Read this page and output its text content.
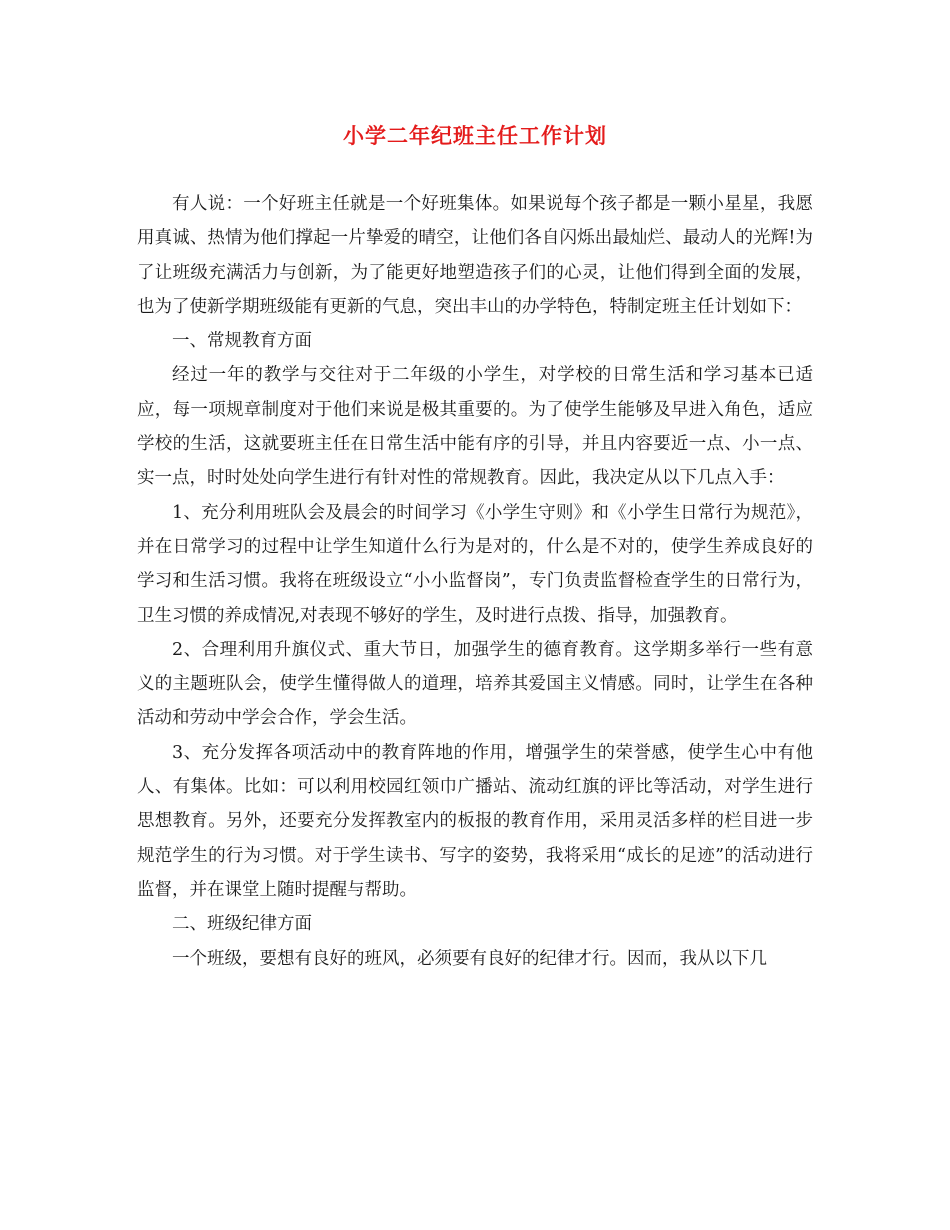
小学二年纪班主任工作计划

有人说：一个好班主任就是一个好班集体。如果说每个孩子都是一颗小星星，我愿用真诚、热情为他们撑起一片挚爱的晴空，让他们各自闪烁出最灿烂、最动人的光辉!为了让班级充满活力与创新，为了能更好地塑造孩子们的心灵，让他们得到全面的发展，也为了使新学期班级能有更新的气息，突出丰山的办学特色，特制定班主任计划如下：

一、常规教育方面

经过一年的教学与交往对于二年级的小学生，对学校的日常生活和学习基本已适应，每一项规章制度对于他们来说是极其重要的。为了使学生能够及早进入角色，适应学校的生活，这就要班主任在日常生活中能有序的引导，并且内容要近一点、小一点、实一点，时时处处向学生进行有针对性的常规教育。因此，我决定从以下几点入手：

1、充分利用班队会及晨会的时间学习《小学生守则》和《小学生日常行为规范》，并在日常学习的过程中让学生知道什么行为是对的，什么是不对的，使学生养成良好的学习和生活习惯。我将在班级设立“小小监督岗”，专门负责监督检查学生的日常行为，卫生习惯的养成情况,对表现不够好的学生，及时进行点拨、指导，加强教育。

2、合理利用升旗仪式、重大节日，加强学生的德育教育。这学期多举行一些有意义的主题班队会，使学生懂得做人的道理，培养其爱国主义情感。同时，让学生在各种活动和劳动中学会合作，学会生活。

3、充分发挥各项活动中的教育阵地的作用，增强学生的荣誉感，使学生心中有他人、有集体。比如：可以利用校园红领巾广播站、流动红旗的评比等活动，对学生进行思想教育。另外，还要充分发挥教室内的板报的教育作用，采用灵活多样的栏目进一步规范学生的行为习惯。对于学生读书、写字的姿势，我将采用“成长的足迹”的活动进行监督，并在课堂上随时提醒与帮助。

二、班级纪律方面

一个班级，要想有良好的班风，必须要有良好的纪律才行。因而，我从以下几
